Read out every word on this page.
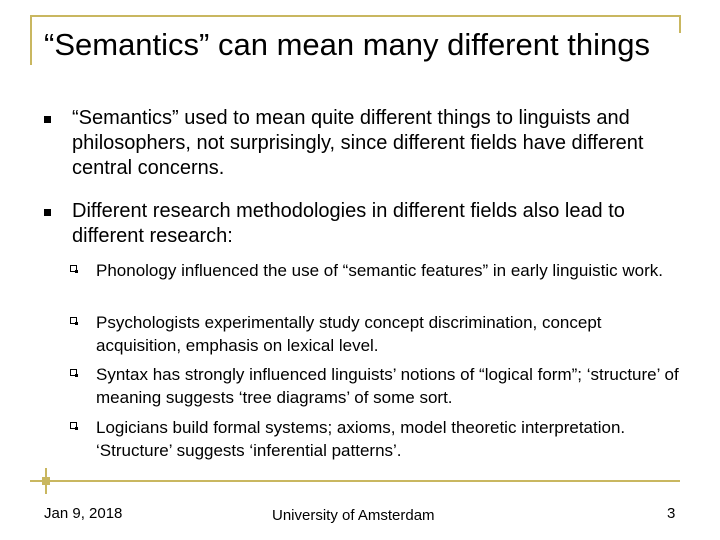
“Semantics” can mean many different things
“Semantics” used to mean quite different things to linguists and philosophers, not surprisingly, since different fields have different central concerns.
Different research methodologies in different fields also lead to different research:
Phonology influenced the use of “semantic features” in early linguistic work.
Psychologists experimentally study concept discrimination, concept acquisition, emphasis on lexical level.
Syntax has strongly influenced linguists’ notions of “logical form”; ‘structure’ of meaning suggests ‘tree diagrams’ of some sort.
Logicians build formal systems; axioms, model theoretic interpretation. ‘Structure’ suggests ‘inferential patterns’.
Jan 9, 2018	University of Amsterdam	3
